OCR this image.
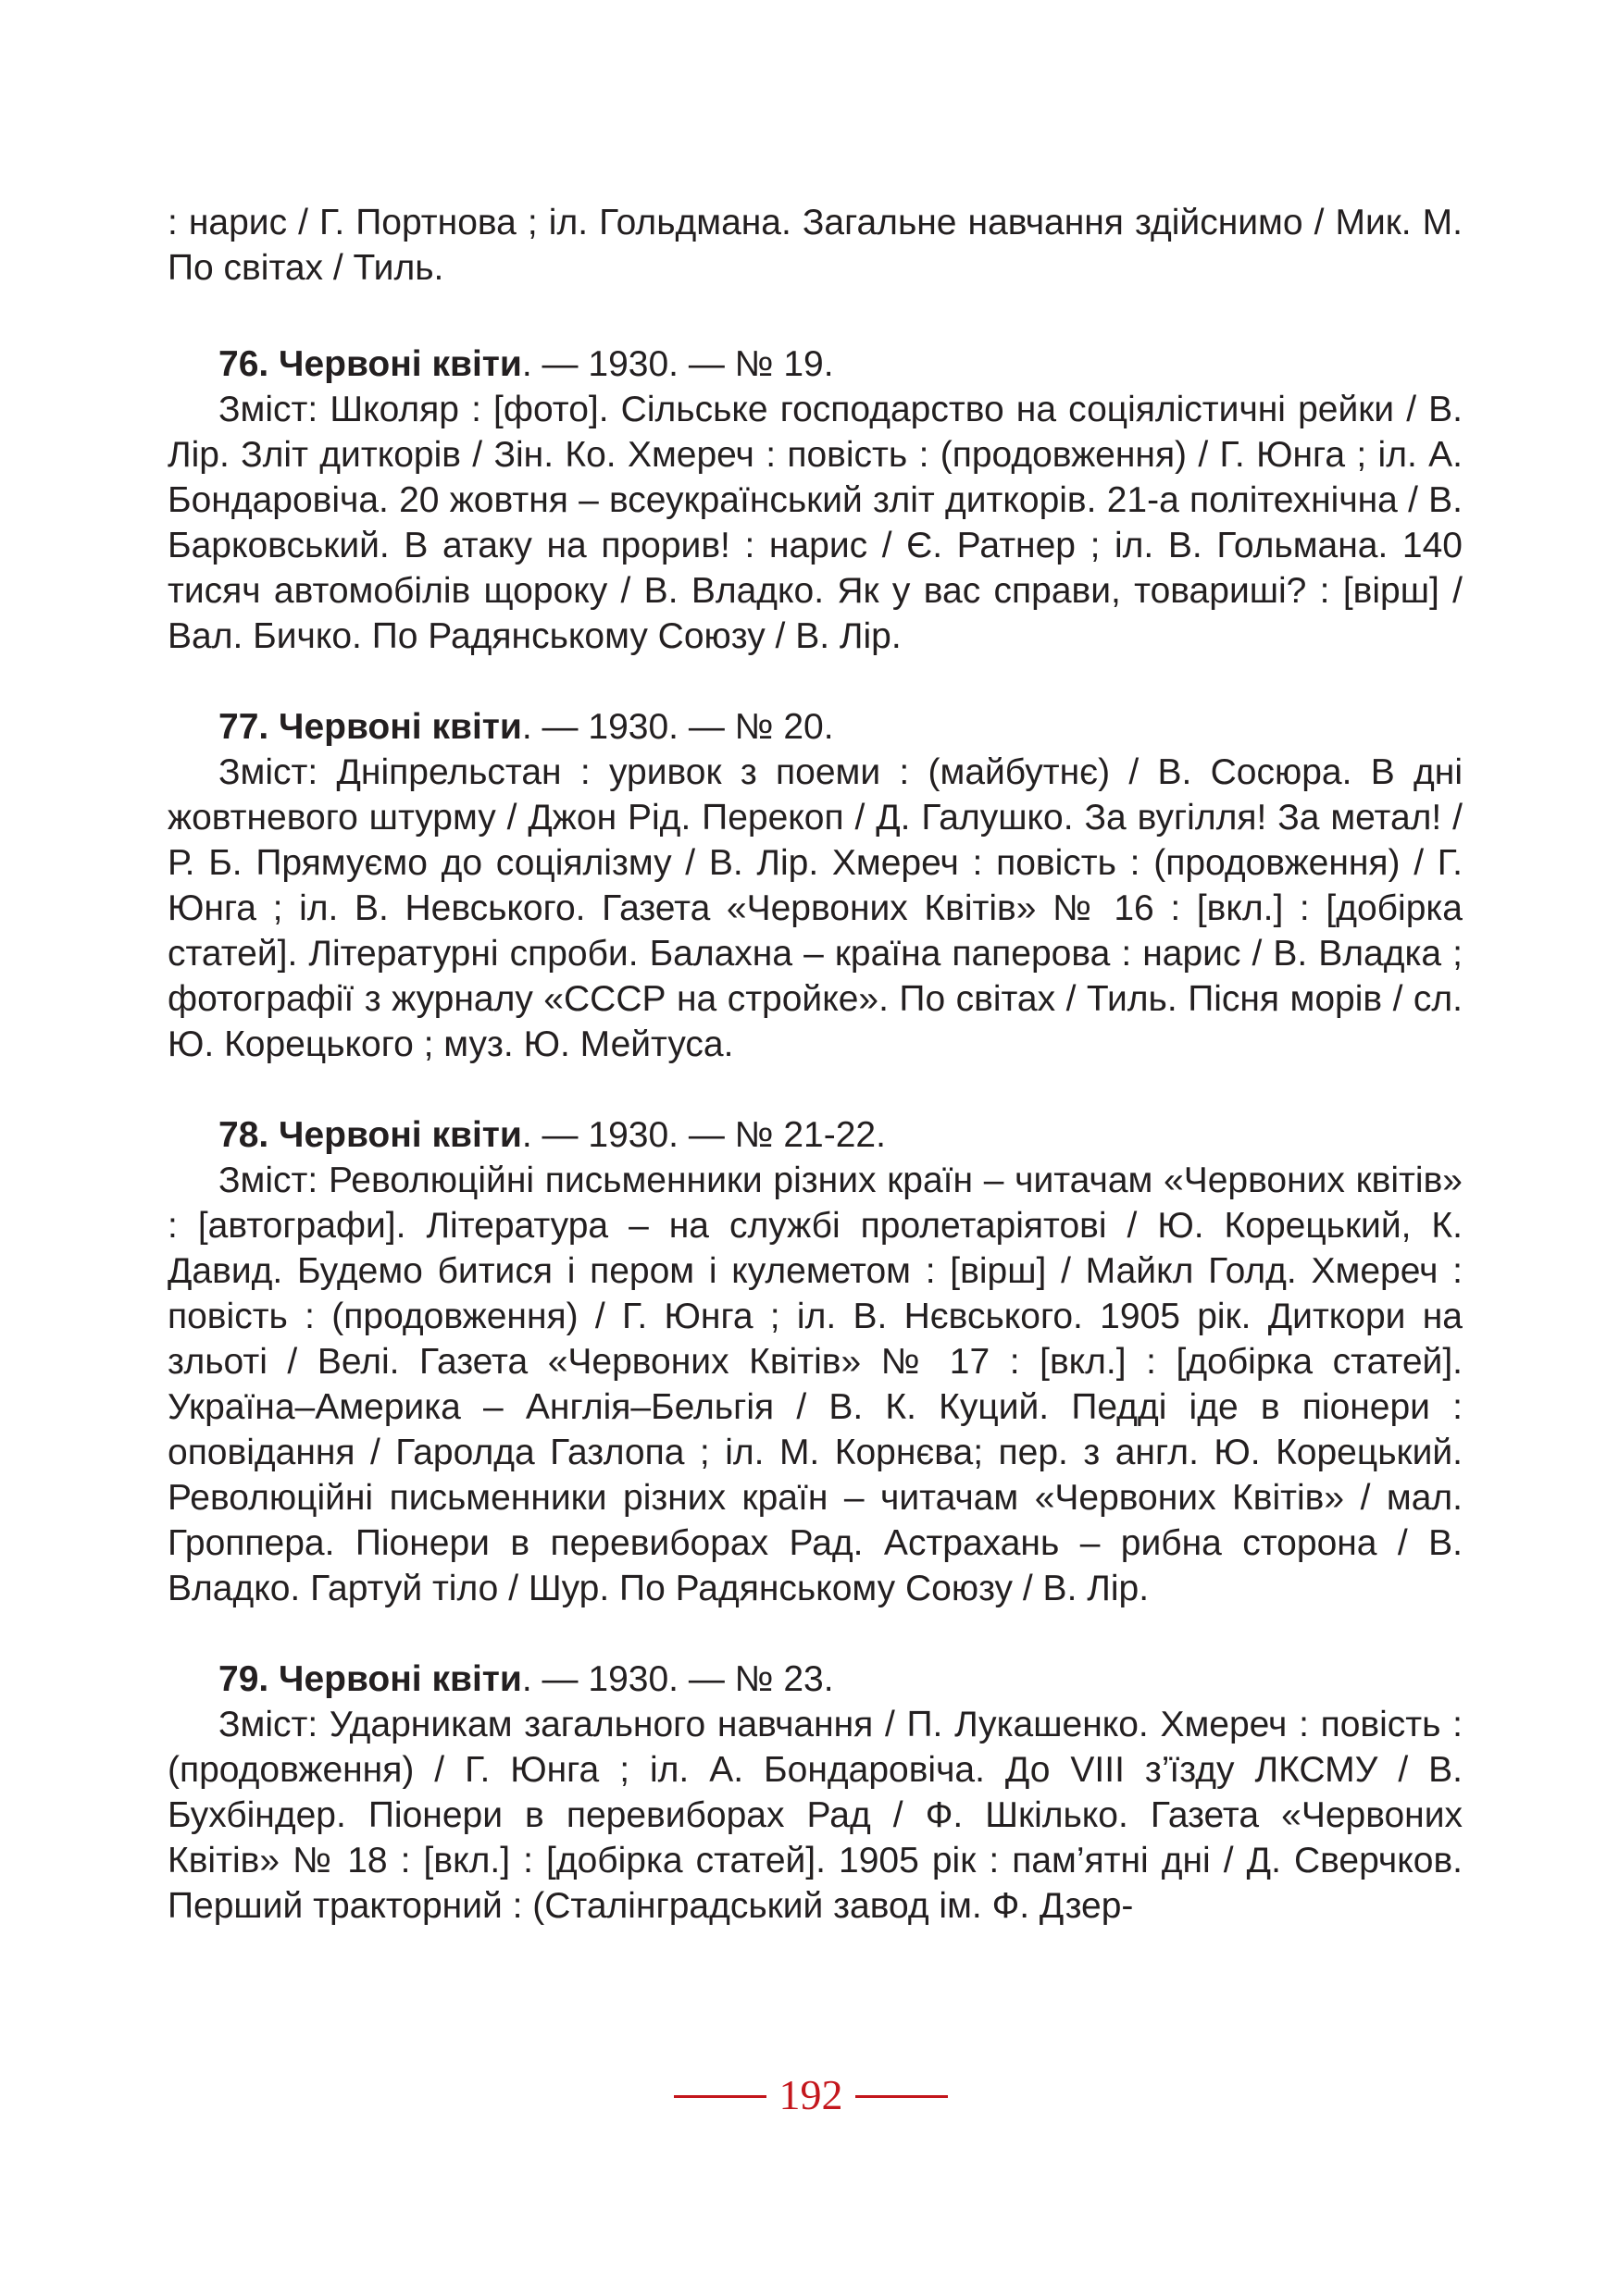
: нарис / Г. Портнова ; іл. Гольдмана. Загальне навчання здійснимо / Мик. М. По світах / Тиль.

76. Червоні квіти. — 1930. — № 19.

Зміст: Школяр : [фото]. Сільське господарство на соціялістичні рейки / В. Лір. Зліт диткорів / Зін. Ко. Хмереч : повість : (продовження) / Г. Юнга ; іл. А. Бондаровіча. 20 жовтня – всеукраїнський зліт диткорів. 21-а політехнічна / В. Барковський. В атаку на прорив! : нарис / Є. Ратнер ; іл. В. Гольмана. 140 тисяч автомобілів щороку / В. Владко. Як у вас справи, товариші? : [вірш] / Вал. Бичко. По Радянському Союзу / В. Лір.

77. Червоні квіти. — 1930. — № 20.

Зміст: Дніпрельстан : уривок з поеми : (майбутнє) / В. Сосюра. В дні жовтневого штурму / Джон Рід. Перекоп / Д. Галушко. За вугілля! За метал! / Р. Б. Прямуємо до соціялізму / В. Лір. Хмереч : повість : (продовження) / Г. Юнга ; іл. В. Невського. Газета «Червоних Квітів» № 16 : [вкл.] : [добірка статей]. Літературні спроби. Балахна – країна паперова : нарис / В. Владка ; фотографії з журналу «СССР на стройке». По світах / Тиль. Пісня морів / сл. Ю. Корецького ; муз. Ю. Мейтуса.

78. Червоні квіти. — 1930. — № 21-22.

Зміст: Революційні письменники різних країн – читачам «Червоних квітів» : [автографи]. Література – на службі пролетаріятові / Ю. Корецький, К. Давид. Будемо битися і пером і кулеметом : [вірш] / Майкл Голд. Хмереч : повість : (продовження) / Г. Юнга ; іл. В. Нєвського. 1905 рік. Диткори на зльоті / Велі. Газета «Червоних Квітів» № 17 : [вкл.] : [добірка статей]. Україна–Америка – Англія–Бельгія / В. К. Куций. Педді іде в піонери : оповідання / Гаролда Газлопа ; іл. М. Корнєва; пер. з англ. Ю. Корецький. Революційні письменники різних країн – читачам «Червоних Квітів» / мал. Гроппера. Піонери в перевиборах Рад. Астрахань – рибна сторона / В. Владко. Гартуй тіло / Шур. По Радянському Союзу / В. Лір.

79. Червоні квіти. — 1930. — № 23.

Зміст: Ударникам загального навчання / П. Лукашенко. Хмереч : повість : (продовження) / Г. Юнга ; іл. А. Бондаровіча. До VIII з’їзду ЛКСМУ / В. Бухбіндер. Піонери в перевиборах Рад / Ф. Шкілько. Газета «Червоних Квітів» № 18 : [вкл.] : [добірка статей]. 1905 рік : пам’ятні дні / Д. Сверчков. Перший тракторний : (Сталінградський завод ім. Ф. Дзер-

192
